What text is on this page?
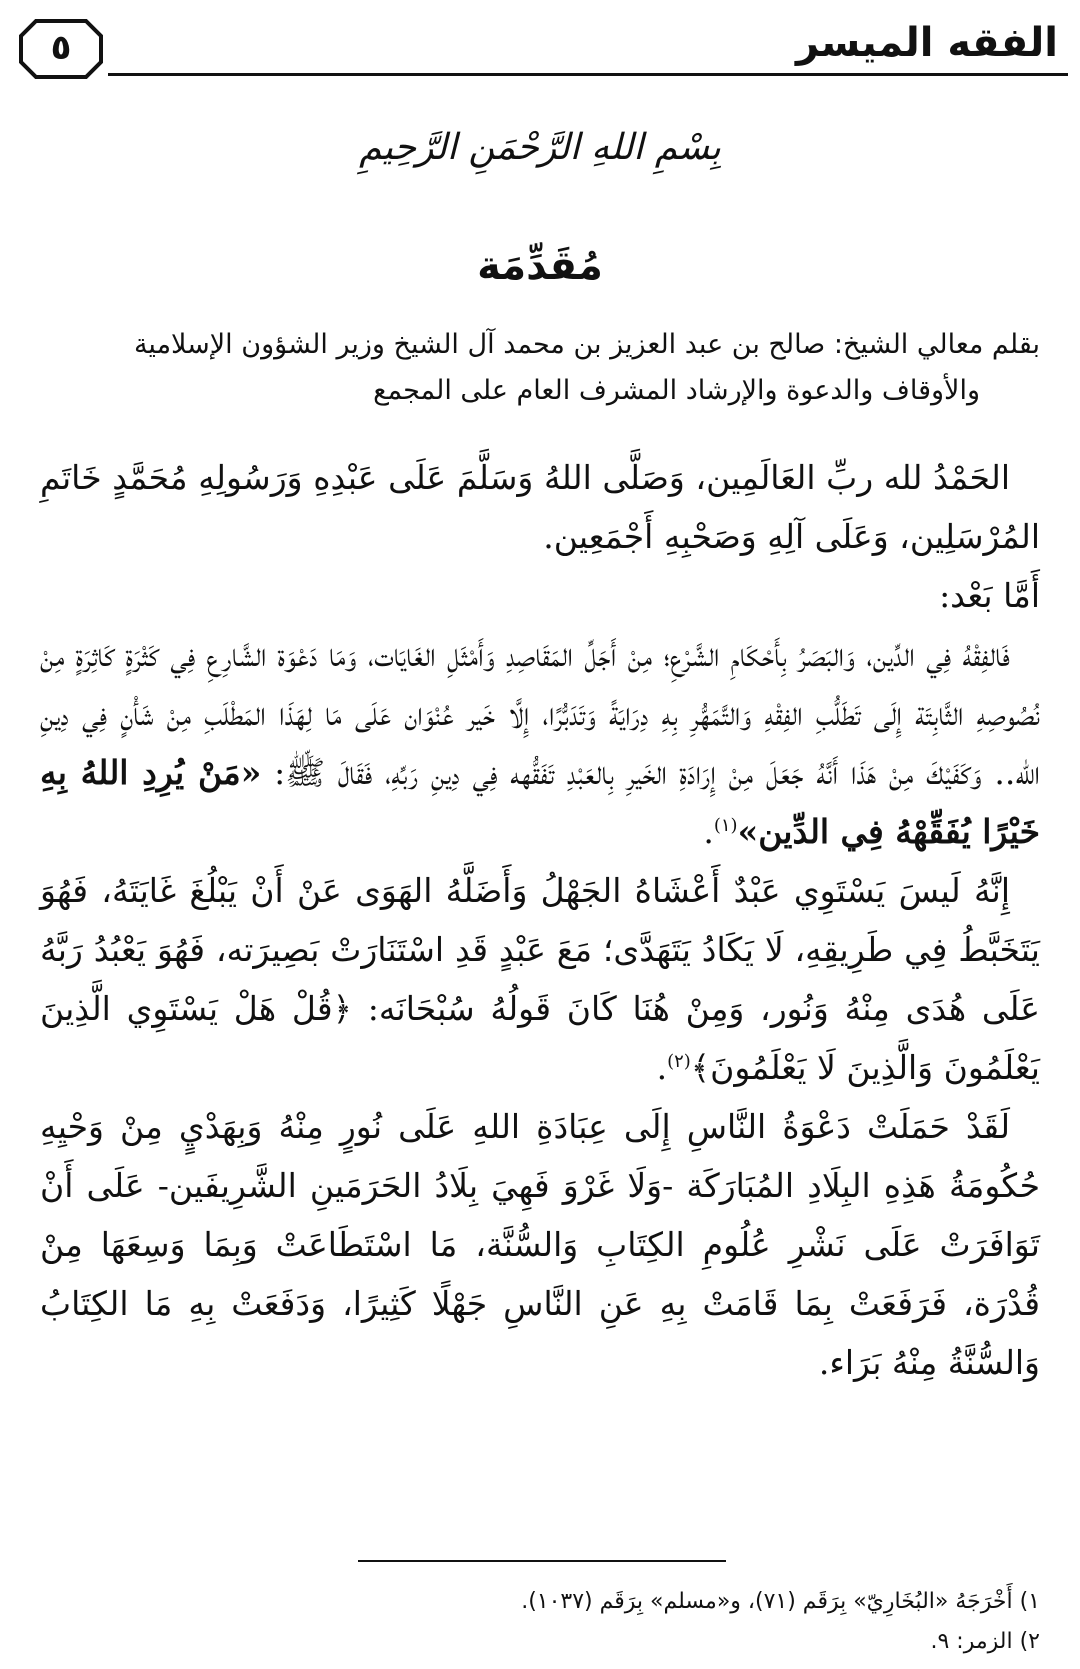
الفقه الميسر
٥
بِسْمِ اللهِ الرَّحْمَنِ الرَّحِيمِ
مُقَدِّمَة
بقلم معالي الشيخ: صالح بن عبد العزيز بن محمد آل الشيخ وزير الشؤون الإسلامية
والأوقاف والدعوة والإرشاد المشرف العام على المجمع

الحَمْدُ لله ربِّ العَالَمِين، وَصَلَّى اللهُ وَسَلَّمَ عَلَى عَبْدِهِ وَرَسُولِهِ مُحَمَّدٍ خَاتَمِ المُرْسَلِين، وَعَلَى آلِهِ وَصَحْبِهِ أَجْمَعِين.

أَمَّا بَعْد:

فَالفِقْهُ فِي الدِّين، وَالبَصَرُ بِأَحْكَامِ الشَّرْعِ؛ مِنْ أَجَلِّ المَقَاصِدِ وَأَمْثَلِ الغَايَات، وَمَا دَعْوَة الشَّارِعِ فِي كَثْرَةٍ كَاثِرَةٍ مِنْ نُصُوصِهِ الثَّابِتَة إِلَى تَطَلُّبِ الفِقْهِ وَالتَّمَهُّرِ بِهِ دِرَايَةً وَتَدَبُّرًا، إِلَّا خَير عُنْوَان عَلَى مَا لِهَذَا المَطْلَبِ مِنْ شَأْنٍ فِي دِينِ الله.. وَكَفَيْكَ مِنْ هَذَا أَنَّهُ جَعَلَ مِنْ إِرَادَةِ الخَيرِ بِالعَبْدِ تَفَقُّهه فِي دِينِ رَبِّهِ، فَقَالَ ﷺ: «مَنْ يُرِدِ اللهُ بِهِ خَيْرًا يُفَقِّهْهُ فِي الدِّين»$^{(١)}$.

إِنَّهُ لَيسَ يَسْتَوِي عَبْدٌ أَعْشَاهُ الجَهْلُ وَأَضَلَّهُ الهَوَى عَنْ أَنْ يَبْلُغَ غَايَتَهُ، فَهُوَ يَتَخَبَّطُ فِي طَرِيقِهِ، لَا يَكَادُ يَتَهَدَّى؛ مَعَ عَبْدٍ قَدِ اسْتَنَارَتْ بَصِيرَته، فَهُوَ يَعْبُدُ رَبَّهُ عَلَى هُدَى مِنْهُ وَنُور، وَمِنْ هُنَا كَانَ قَولُهُ سُبْحَانَه: ﴿قُلْ هَلْ يَسْتَوِي الَّذِينَ يَعْلَمُونَ وَالَّذِينَ لَا يَعْلَمُونَ﴾$^{(٢)}$.

لَقَدْ حَمَلَتْ دَعْوَةُ النَّاسِ إِلَى عِبَادَةِ اللهِ عَلَى نُورٍ مِنْهُ وَبِهَدْيٍ مِنْ وَحْيِهِ حُكُومَةُ هَذِهِ البِلَادِ المُبَارَكَة -وَلَا غَرْوَ فَهِيَ بِلَادُ الحَرَمَينِ الشَّرِيفَين- عَلَى أَنْ تَوَافَرَتْ عَلَى نَشْرِ عُلُومِ الكِتَابِ وَالسُّنَّة، مَا اسْتَطَاعَتْ وَبِمَا وَسِعَهَا مِنْ قُدْرَة، فَرَفَعَتْ بِمَا قَامَتْ بِهِ عَنِ النَّاسِ جَهْلًا كَثِيرًا، وَدَفَعَتْ بِهِ مَا الكِتَابُ وَالسُّنَّةُ مِنْهُ بَرَاء.

١) أَخْرَجَهُ «البُخَارِيّ» بِرَقَم (٧١)، و«مسلم» بِرَقَم (١٠٣٧).
٢) الزمر: ٩.
